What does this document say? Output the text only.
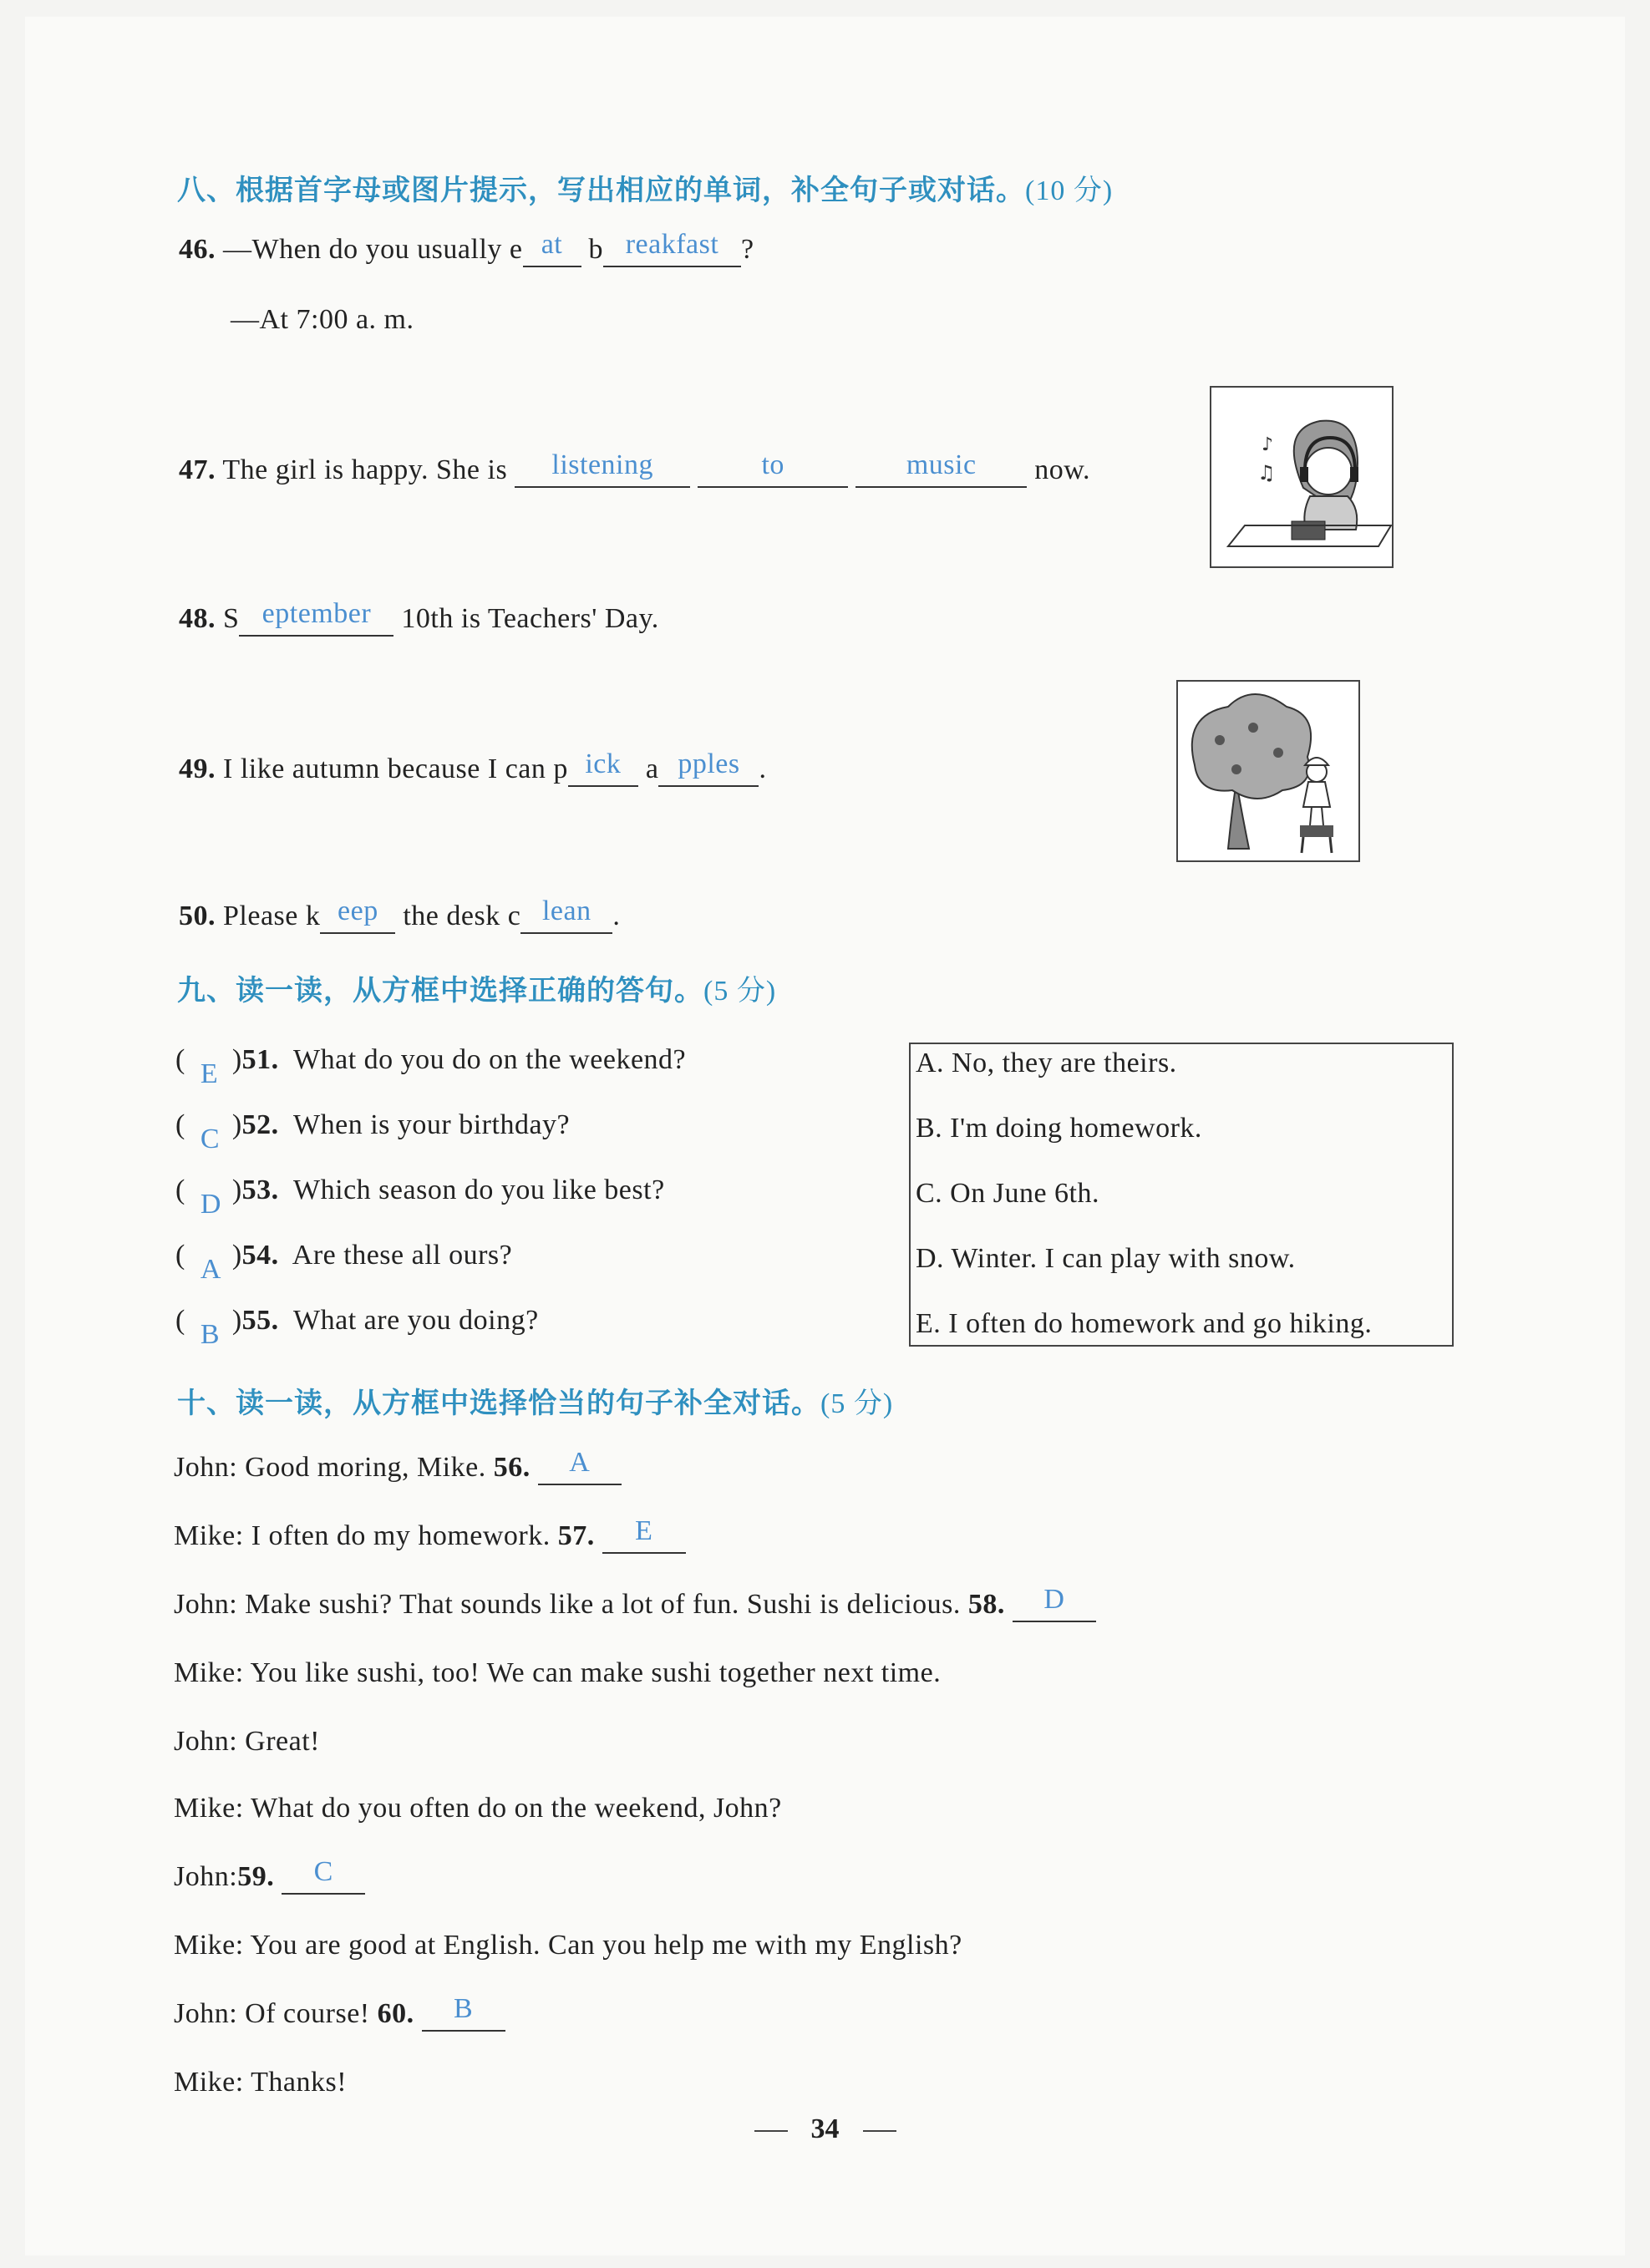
八、根据首字母或图片提示，写出相应的单词，补全句子或对话。(10 分)
46. —When do you usually e at b reakfast ?
—At 7:00 a. m.
47. The girl is happy. She is listening	to	music now.
♪
♫
48. S eptember 10th is Teachers' Day.
49. I like autumn because I can p ick a pples .
50. Please k eep the desk c lean .
九、读一读，从方框中选择正确的答句。(5 分)
( E )51. What do you do on the weekend?
( C )52. When is your birthday?
( D )53. Which season do you like best?
( A )54. Are these all ours?
( B )55. What are you doing?
A. No, they are theirs.
B. I'm doing homework.
C. On June 6th.
D. Winter. I can play with snow.
E. I often do homework and go hiking.
十、读一读，从方框中选择恰当的句子补全对话。(5 分)
John: Good moring, Mike. 56. A
Mike: I often do my homework. 57. E
John: Make sushi? That sounds like a lot of fun. Sushi is delicious. 58. D
Mike: You like sushi, too! We can make sushi together next time.
John: Great!
Mike: What do you often do on the weekend, John?
John:59. C
Mike: You are good at English. Can you help me with my English?
John: Of course! 60. B
Mike: Thanks!
34
